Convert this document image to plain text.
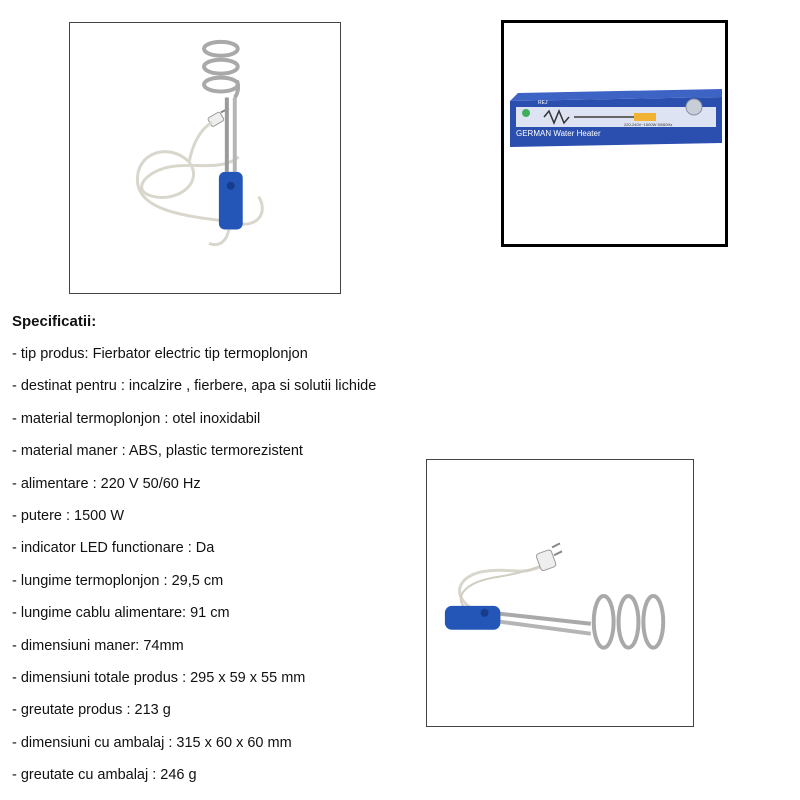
REJ
GERMAN Water Heater
220-240V~1500W 50/60Hz
Specificatii:
- tip produs: Fierbator electric tip termoplonjon
- destinat pentru : incalzire , fierbere, apa si solutii lichide
- material termoplonjon : otel inoxidabil
- material maner : ABS, plastic termorezistent
- alimentare : 220 V 50/60 Hz
- putere : 1500 W
- indicator LED functionare : Da
- lungime termoplonjon : 29,5 cm
- lungime cablu alimentare: 91 cm
- dimensiuni maner: 74mm
- dimensiuni totale produs : 295 x 59 x 55 mm
- greutate produs : 213 g
- dimensiuni cu ambalaj : 315 x 60 x 60 mm
- greutate cu ambalaj : 246 g
